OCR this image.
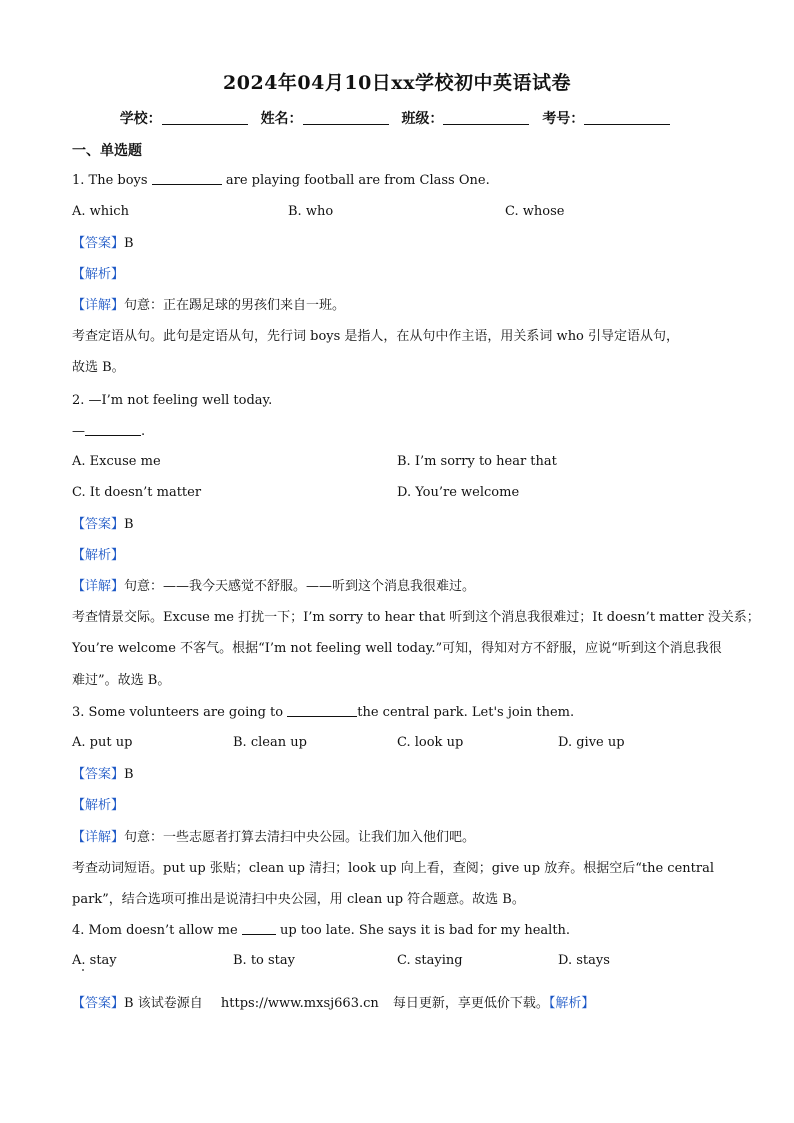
2024年04月10日xx学校初中英语试卷
学校：	姓名：	班级：	考号：
一、单选题
1. The boys	are playing football are from Class One.
A. which	B. who	C. whose
【答案】B
【解析】
【详解】句意：正在踢足球的男孩们来自一班。
考查定语从句。此句是定语从句，先行词 boys 是指人，在从句中作主语，用关系词 who 引导定语从句，
故选 B。
2. —I’m not feeling well today.
—	.
A. Excuse me	B. I’m sorry to hear that
C. It doesn’t matter	D. You’re welcome
【答案】B
【解析】
【详解】句意：——我今天感觉不舒服。——听到这个消息我很难过。
考查情景交际。Excuse me 打扰一下；I’m sorry to hear that 听到这个消息我很难过；It doesn’t matter 没关系；
You’re welcome 不客气。根据“I’m not feeling well today.”可知，得知对方不舒服，应说“听到这个消息我很
难过”。故选 B。
3. Some volunteers are going to	the central park. Let's join them.
A. put up	B. clean up	C. look up	D. give up
【答案】B
【解析】
【详解】句意：一些志愿者打算去清扫中央公园。让我们加入他们吧。
考查动词短语。put up 张贴；clean up 清扫；look up 向上看，查阅；give up 放弃。根据空后“the central
park”，结合选项可推出是说清扫中央公园，用 clean up 符合题意。故选 B。
4. Mom doesn’t allow me	up too late. She says it is bad for my health.
A. stay	B. to stay	C. staying	D. stays
【答案】B 该试卷源自 https://www.mxsj663.cn 每日更新，享更低价下载。【解析】
